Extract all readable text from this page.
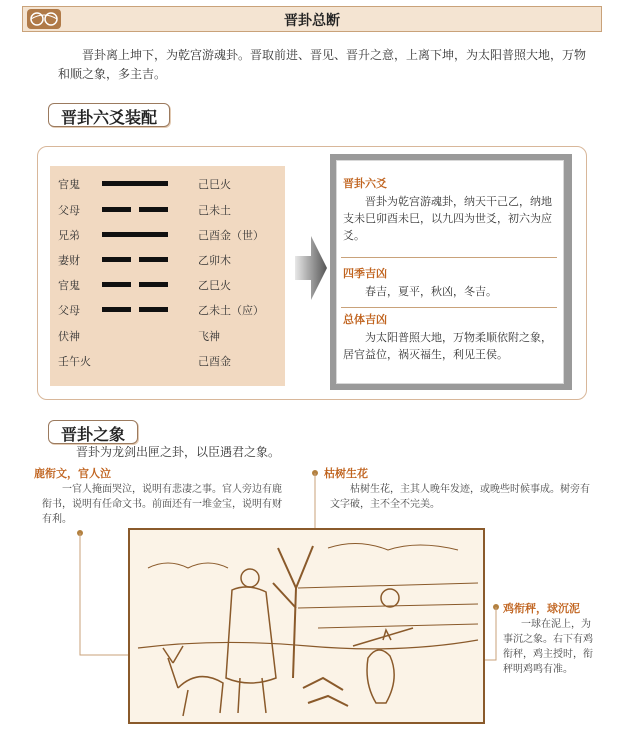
晋卦总断
晋卦离上坤下，为乾宫游魂卦。晋取前进、晋见、晋升之意，上离下坤，为太阳普照大地，万物和顺之象，多主吉。
晋卦六爻装配
官鬼	己巳火
父母	己未土
兄弟	己酉金（世）
妻财	乙卯木
官鬼	乙巳火
父母	乙未土（应）
伏神	飞神
壬午火	己酉金
晋卦六爻

晋卦为乾宫游魂卦，纳天干己乙，纳地支未巳卯酉未巳，以九四为世爻，初六为应爻。

四季吉凶

春吉，夏平，秋凶，冬吉。

总体吉凶

为太阳普照大地，万物柔顺依附之象，居官益位，祸灭福生，利见王侯。

晋卦之象
晋卦为龙剑出匣之卦，以臣遇君之象。
鹿衔文，官人泣
一官人掩面哭泣，说明有悲凄之事。官人旁边有鹿衔书，说明有任命文书。前面还有一堆金宝，说明有财有利。
枯树生花
枯树生花，主其人晚年发迹，或晚些时候事成。树旁有文字破，主不全不完美。
鸡衔秤，球沉泥
一球在泥上，为事沉之象。右下有鸡衔秤，鸡主授时，衔秤明鸡鸣有准。
